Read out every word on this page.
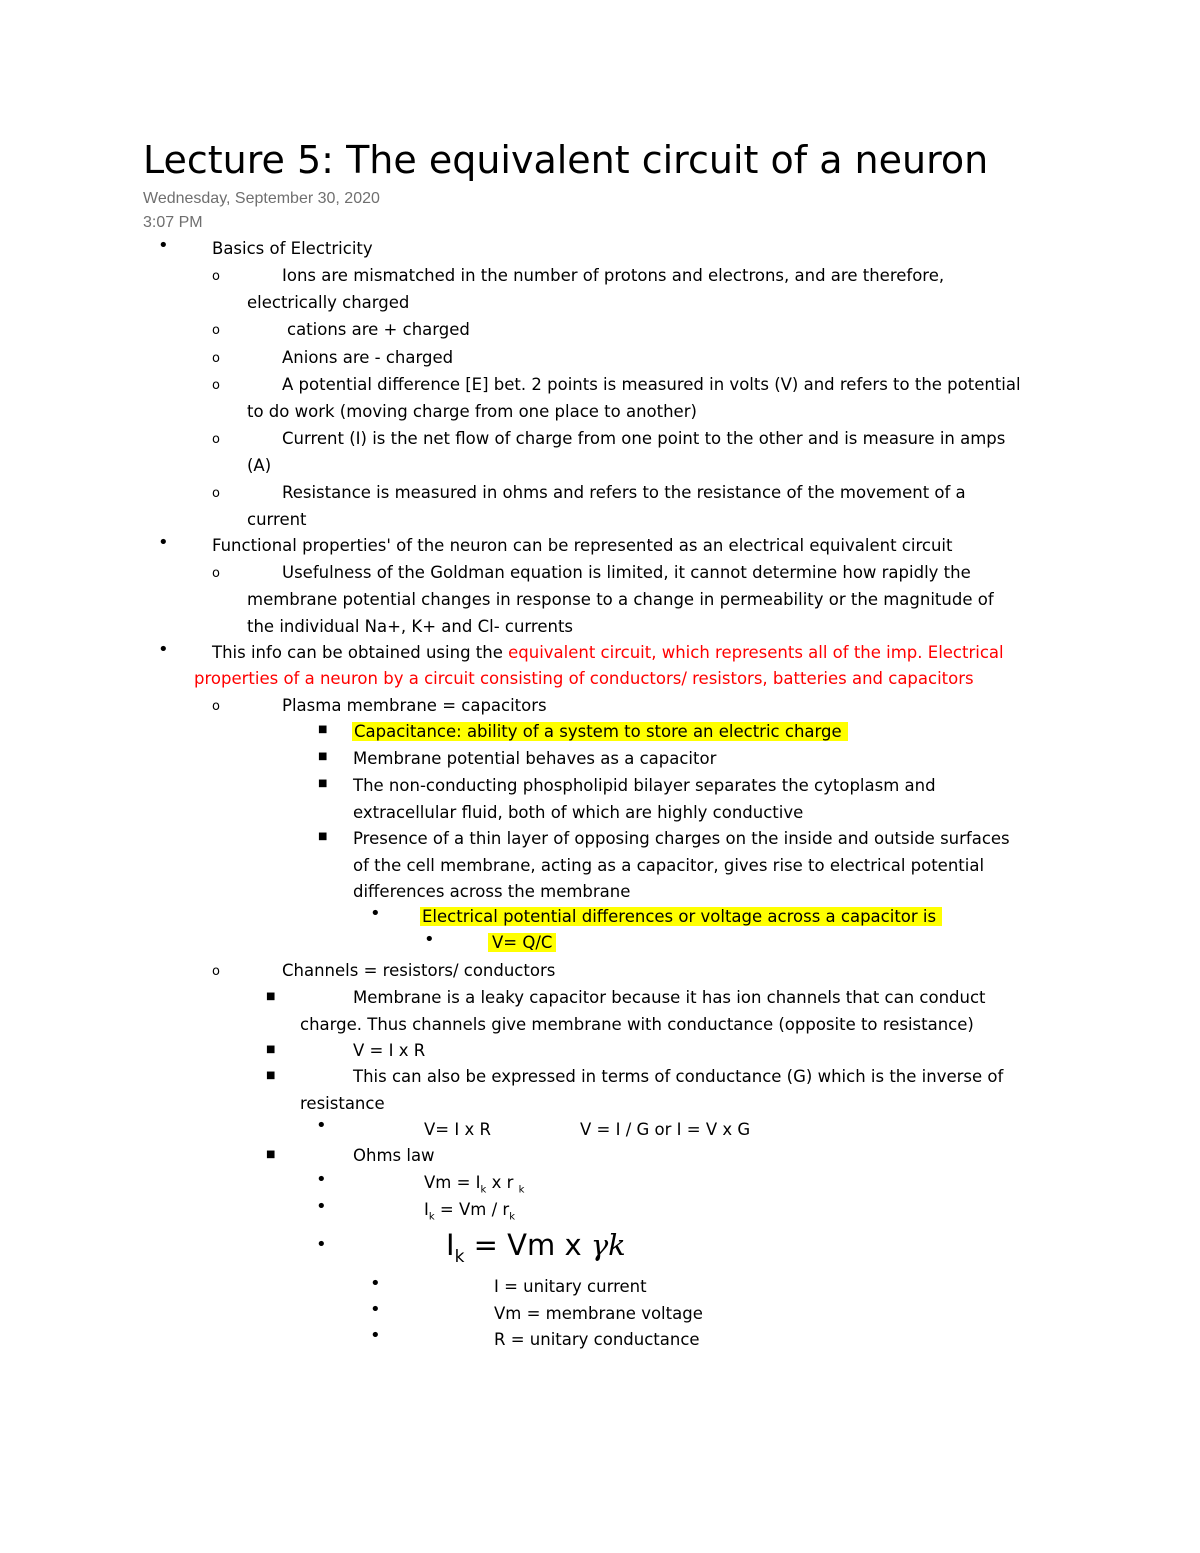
Lecture 5: The equivalent circuit of a neuron
Wednesday, September 30, 2020
3:07 PM
•	Basics of Electricity
o	Ions are mismatched in the number of protons and electrons, and are therefore,
electrically charged
o	cations are + charged
o	Anions are - charged
o	A potential difference [E] bet. 2 points is measured in volts (V) and refers to the potential
to do work (moving charge from one place to another)
o	Current (I) is the net flow of charge from one point to the other and is measure in amps
(A)
o	Resistance is measured in ohms and refers to the resistance of the movement of a
current
•	Functional properties' of the neuron can be represented as an electrical equivalent circuit
o	Usefulness of the Goldman equation is limited, it cannot determine how rapidly the
membrane potential changes in response to a change in permeability or the magnitude of
the individual Na+, K+ and Cl- currents
•	This info can be obtained using the equivalent circuit, which represents all of the imp. Electrical
properties of a neuron by a circuit consisting of conductors/ resistors, batteries and capacitors
o	Plasma membrane = capacitors
■ Capacitance: ability of a system to store an electric charge
■ Membrane potential behaves as a capacitor
■ The non-conducting phospholipid bilayer separates the cytoplasm and
extracellular fluid, both of which are highly conductive
■ Presence of a thin layer of opposing charges on the inside and outside surfaces
of the cell membrane, acting as a capacitor, gives rise to electrical potential
differences across the membrane
•	Electrical potential differences or voltage across a capacitor is
•	V= Q/C
o	Channels = resistors/ conductors
■	Membrane is a leaky capacitor because it has ion channels that can conduct
charge. Thus channels give membrane with conductance (opposite to resistance)
■	V = I x R
■	This can also be expressed in terms of conductance (G) which is the inverse of
resistance
•	V= I x R	V = I / G or I = V x G
■	Ohms law
•	$Vm = I_k$ x r $_k$
•	$I_k = Vm / r_k$
•	$I_k = Vm$ x γk
•	I = unitary current
•	Vm = membrane voltage
•	R = unitary conductance
